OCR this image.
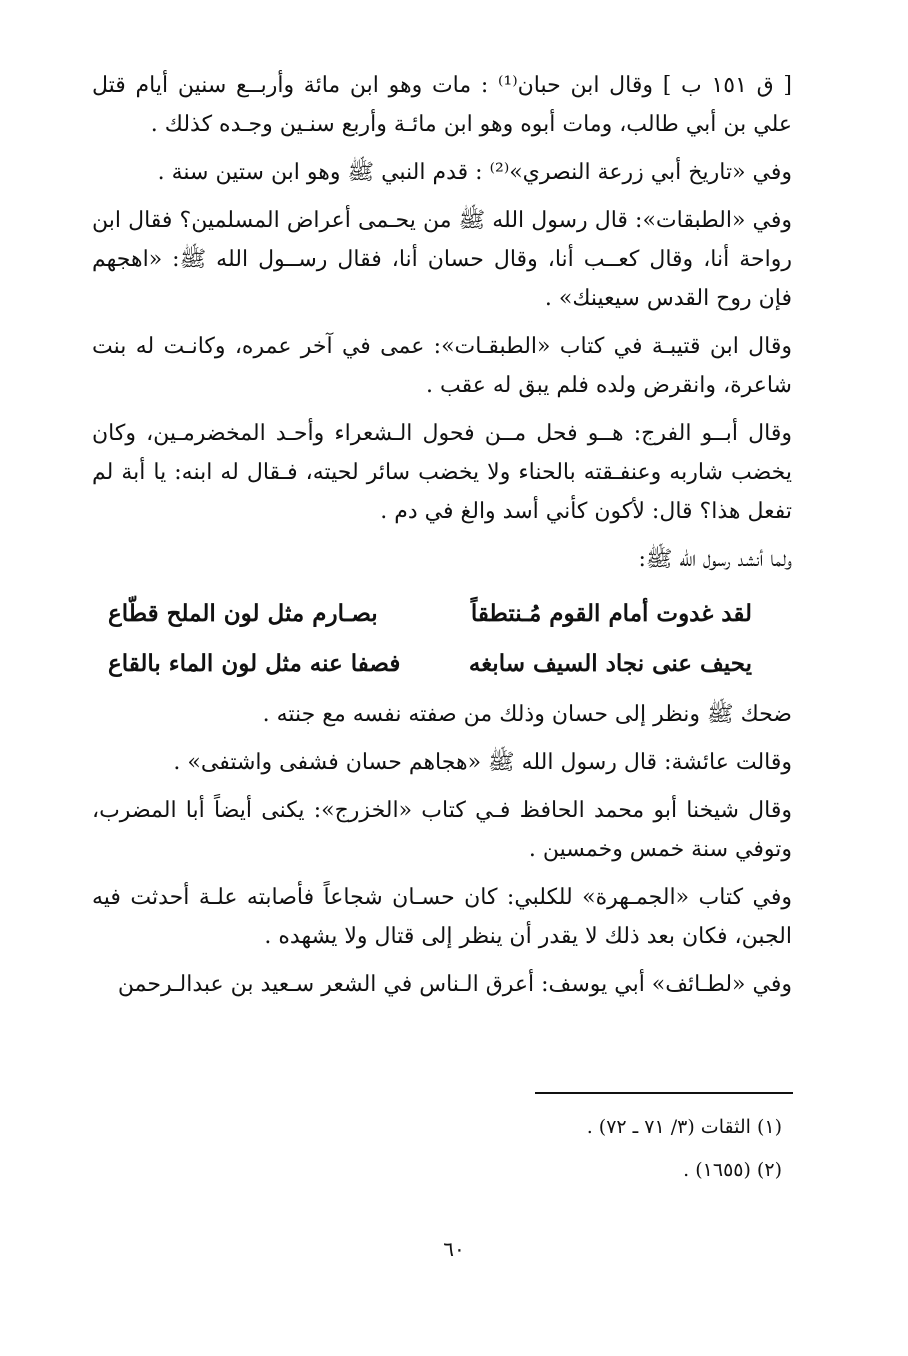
[ ق ١٥١ ب ] وقال ابن حبان⁽¹⁾ : مات وهو ابن مائة وأربــع سنين أيام قتل علي بن أبي طالب، ومات أبوه وهو ابن مائـة وأربع سنـين وجـده كذلك .

وفي «تاريخ أبي زرعة النصري»⁽²⁾ : قدم النبي ﷺ وهو ابن ستين سنة .

وفي «الطبقات»: قال رسول الله ﷺ من يحـمى أعراض المسلمين؟ فقال ابن رواحة أنا، وقال كعــب أنا، وقال حسان أنا، فقال رســول الله ﷺ: «اهجهم فإن روح القدس سيعينك» .

وقال ابن قتيبـة في كتاب «الطبقـات»: عمى في آخر عمره، وكانـت له بنت شاعرة، وانقرض ولده فلم يبق له عقب .

وقال أبــو الفرج: هــو فحل مــن فحول الـشعراء وأحـد المخضرمـين، وكان يخضب شاربه وعنفـقته بالحناء ولا يخضب سائر لحيته، فـقال له ابنه: يا أبة لم تفعل هذا؟ قال: لأكون كأني أسد والغ في دم .

ولما أنشد رسول الله ﷺ:

لقد غدوت أمام القوم مُـنتطقاً
بصـارم مثل لون الملح قطّاع
يحيف عنى نجاد السيف سابغه
فصفا عنه مثل لون الماء بالقاع

ضحك ﷺ ونظر إلى حسان وذلك من صفته نفسه مع جنته .

وقالت عائشة: قال رسول الله ﷺ «هجاهم حسان فشفى واشتفى» .

وقال شيخنا أبو محمد الحافظ فـي كتاب «الخزرج»: يكنى أيضاً أبا المضرب، وتوفي سنة خمس وخمسين .

وفي كتاب «الجمـهرة» للكلبي: كان حسـان شجاعاً فأصابته علـة أحدثت فيه الجبن، فكان بعد ذلك لا يقدر أن ينظر إلى قتال ولا يشهده .

وفي «لطـائف» أبي يوسف: أعرق الـناس في الشعر سـعيد بن عبدالـرحمن

(١) الثقات (٣/ ٧١ ـ ٧٢) .

(٢) (١٦٥٥) .

٦٠
